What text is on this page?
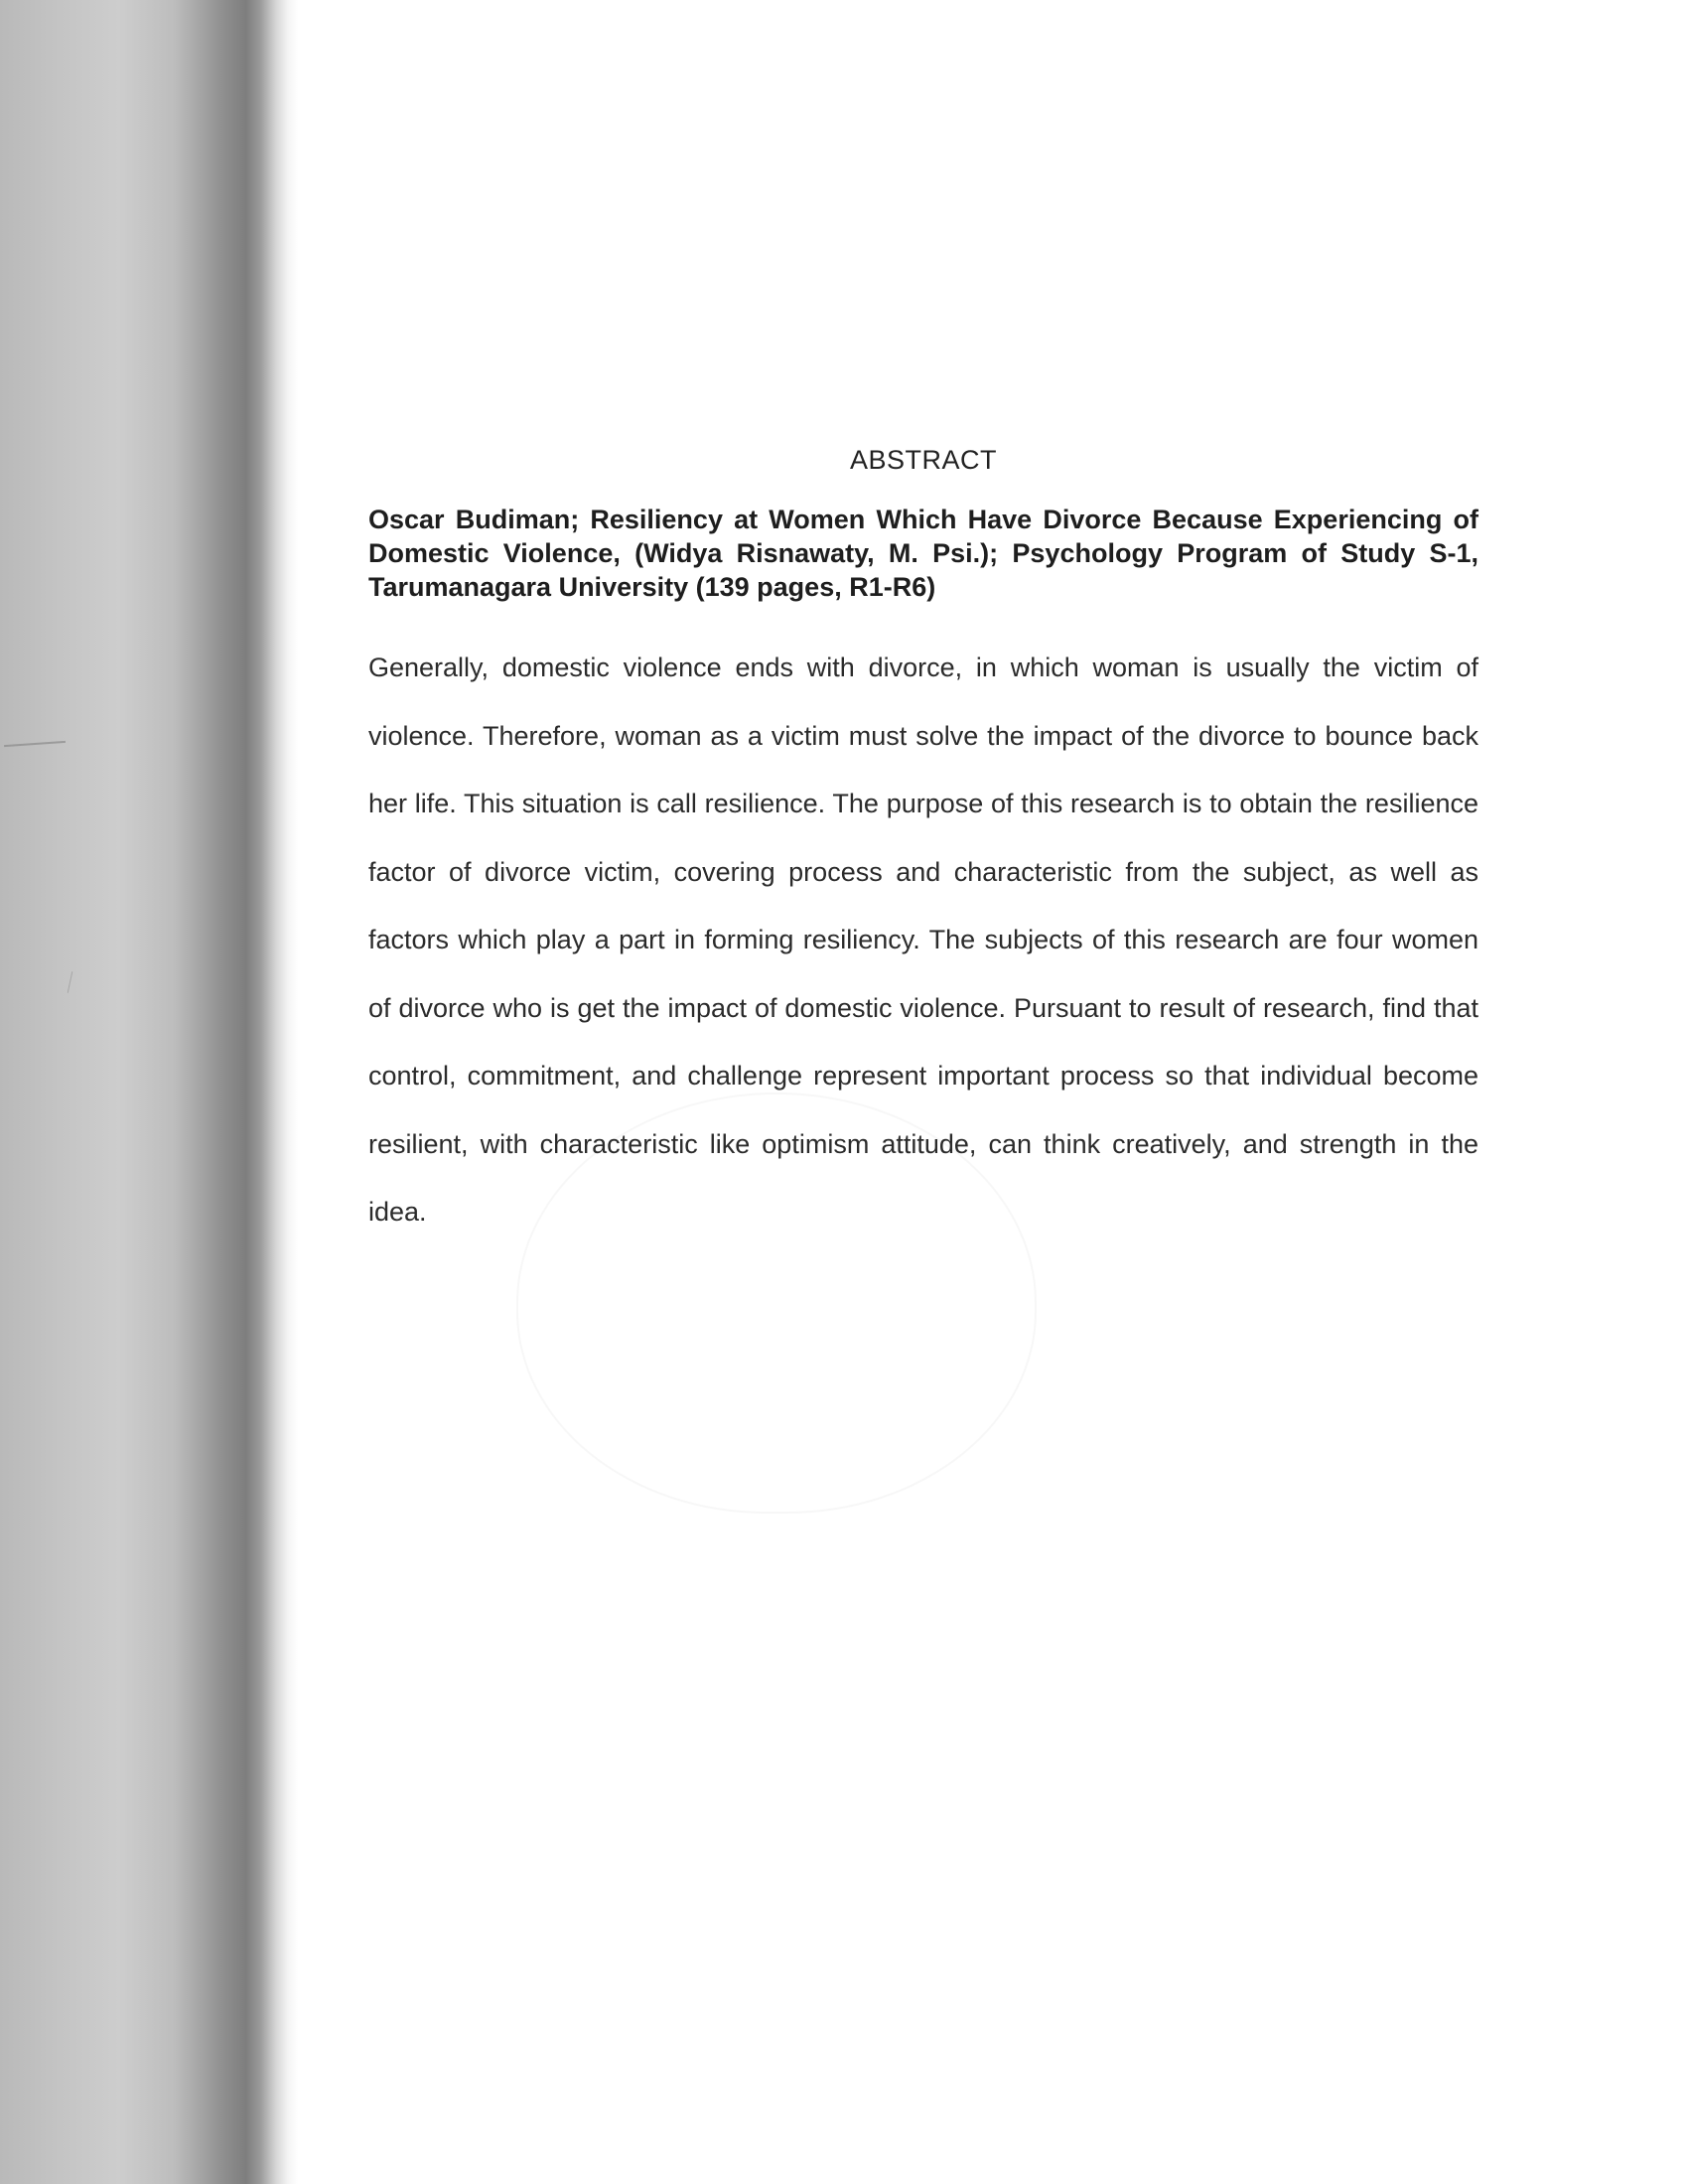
ABSTRACT

Oscar Budiman; Resiliency at Women Which Have Divorce Because Experiencing of Domestic Violence, (Widya Risnawaty, M. Psi.); Psychology Program of Study S-1, Tarumanagara University (139 pages, R1-R6)

Generally, domestic violence ends with divorce, in which woman is usually the victim of violence. Therefore, woman as a victim must solve the impact of the divorce to bounce back her life. This situation is call resilience. The purpose of this research is to obtain the resilience factor of divorce victim, covering process and characteristic from the subject, as well as factors which play a part in forming resiliency. The subjects of this research are four women of divorce who is get the impact of domestic violence. Pursuant to result of research, find that control, commitment, and challenge represent important process so that individual become resilient, with characteristic like optimism attitude, can think creatively, and strength in the idea.
